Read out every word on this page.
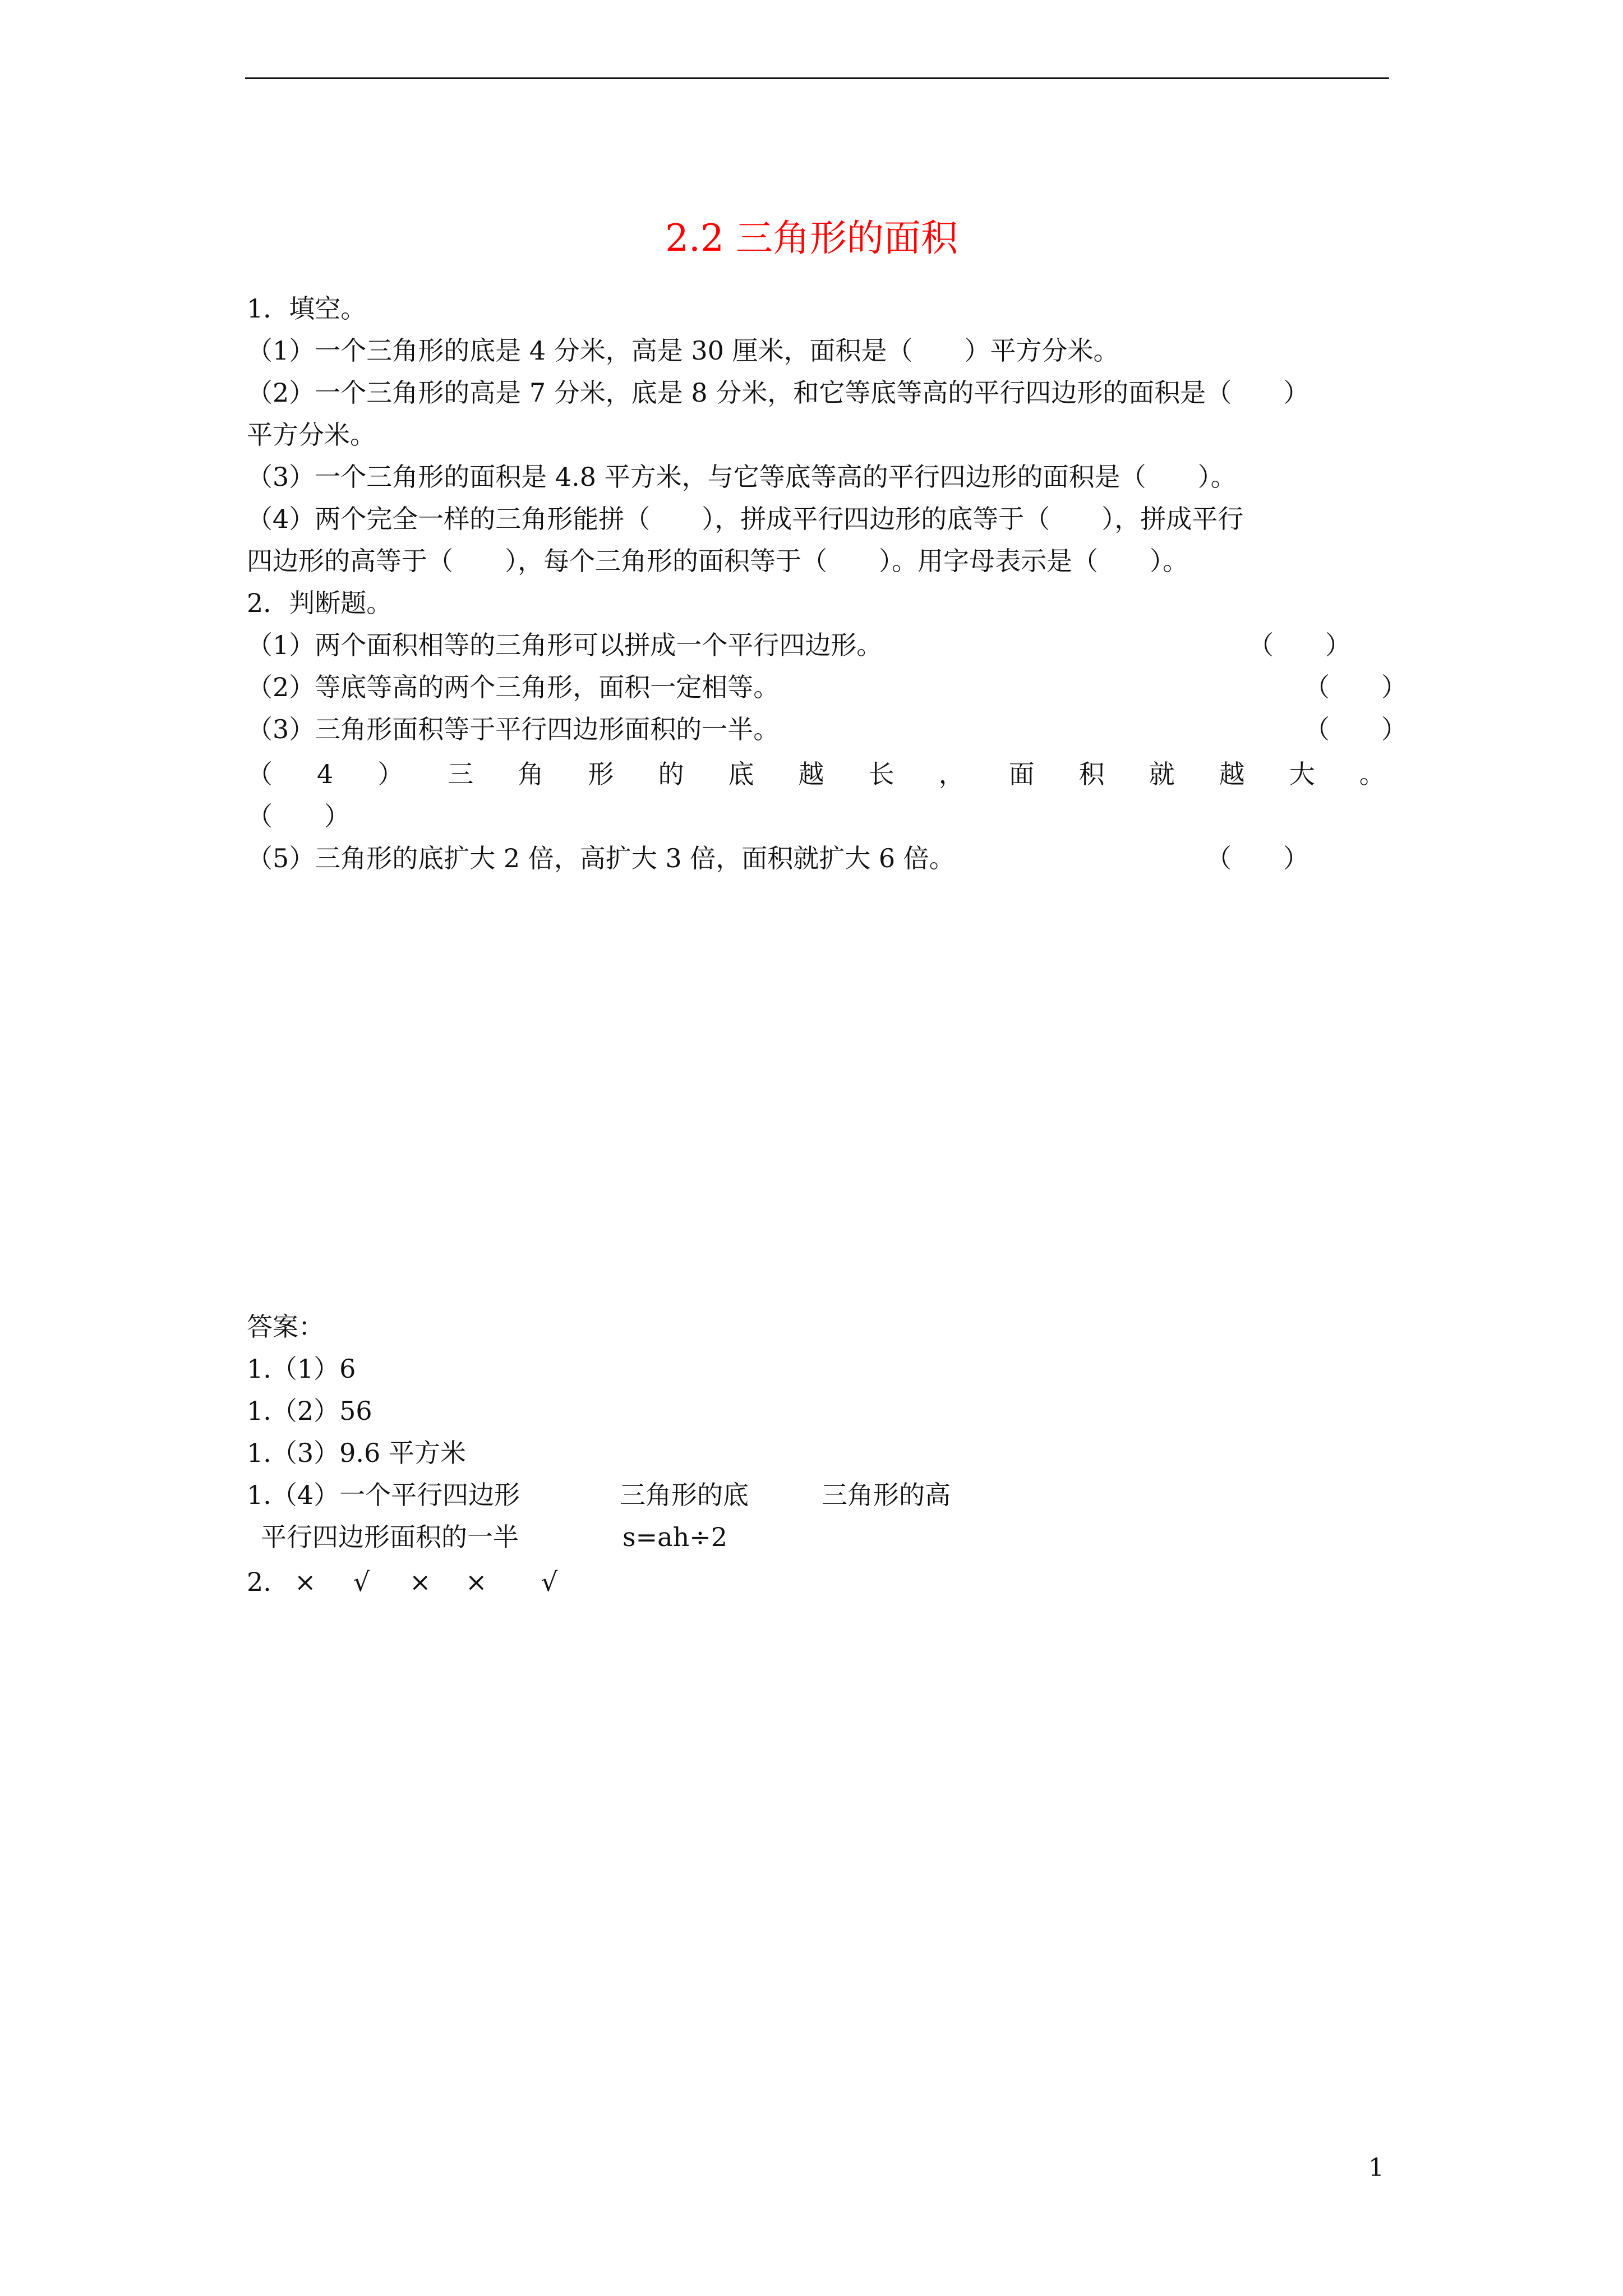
2.2 三角形的面积
1．填空。
（1）一个三角形的底是 4 分米，高是 30 厘米，面积是（　　）平方分米。
（2）一个三角形的高是 7 分米，底是 8 分米，和它等底等高的平行四边形的面积是（　　）
平方分米。
（3）一个三角形的面积是 4.8 平方米，与它等底等高的平行四边形的面积是（　　）。
（4）两个完全一样的三角形能拼（　　），拼成平行四边形的底等于（　　），拼成平行
四边形的高等于（　　），每个三角形的面积等于（　　）。用字母表示是（　　）。
2．判断题。
（1）两个面积相等的三角形可以拼成一个平行四边形。	（　　）
（2）等底等高的两个三角形，面积一定相等。	（　　）
（3）三角形面积等于平行四边形面积的一半。	（　　）
（ 4 ） 三 角 形 的 底 越 长 ， 面 积 就 越 大 。
（　　）
（5）三角形的底扩大 2 倍，高扩大 3 倍，面积就扩大 6 倍。	（　　）
答案：
1.（1）6
1.（2）56
1.（3）9.6 平方米
1.（4）一个平行四边形	三角形的底	三角形的高
平行四边形面积的一半	s=ah÷2
2. × √ × × √
1
